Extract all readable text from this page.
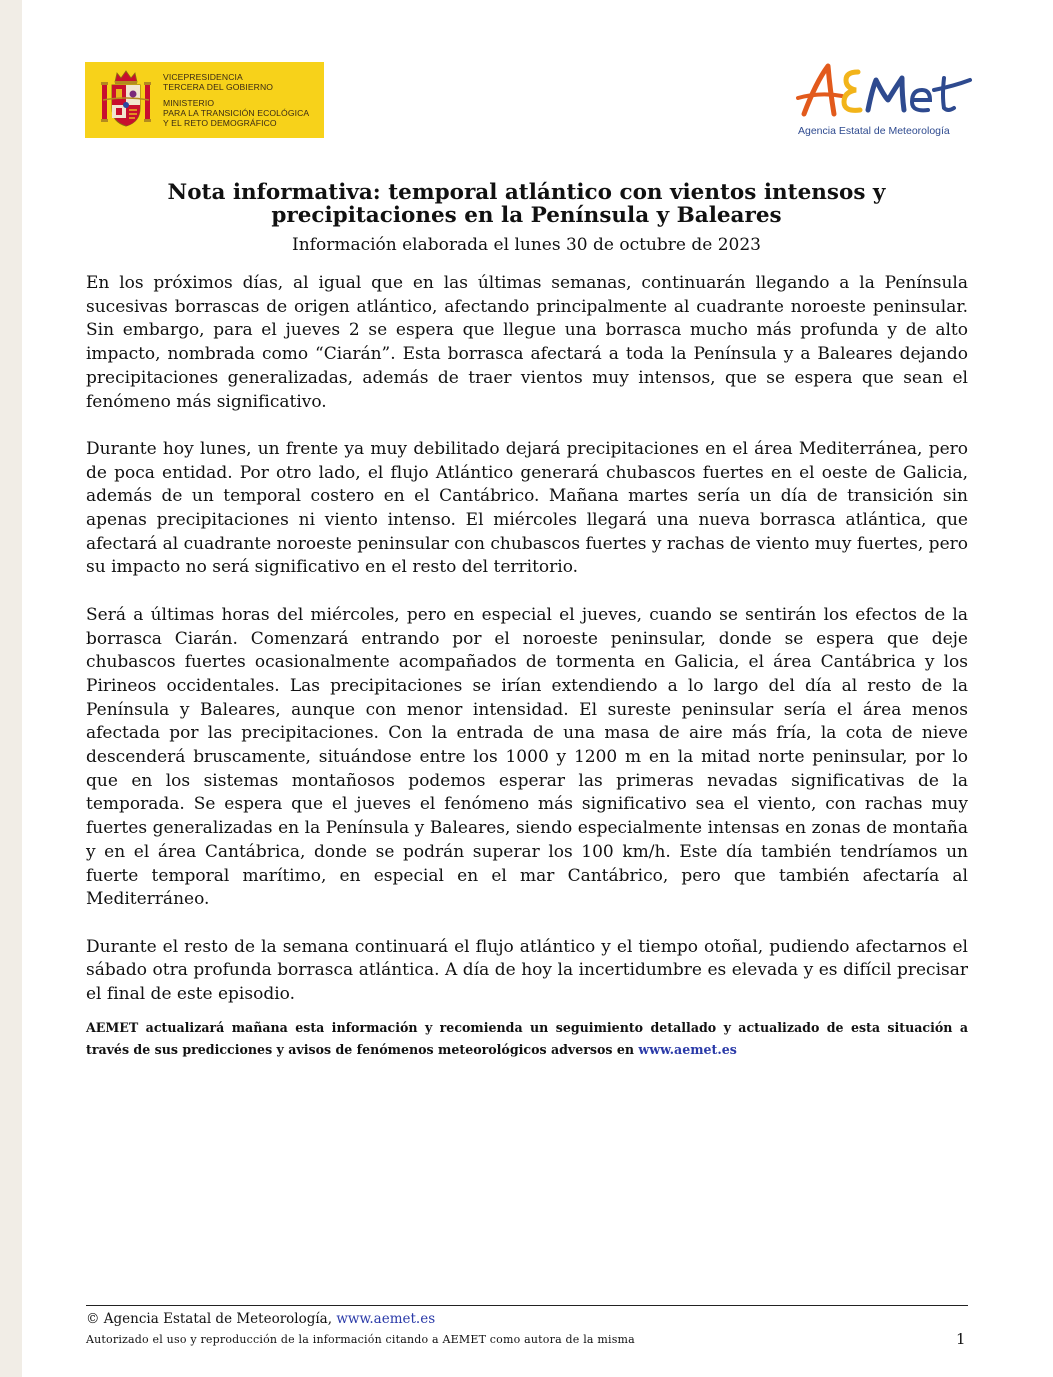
VICEPRESIDENCIA
TERCERA DEL GOBIERNO
MINISTERIO
PARA LA TRANSICIÓN ECOLÓGICA
Y EL RETO DEMOGRÁFICO
Agencia Estatal de Meteorología
Nota informativa: temporal atlántico con vientos intensos y
precipitaciones en la Península y Baleares
Información elaborada el lunes 30 de octubre de 2023

En los próximos días, al igual que en las últimas semanas, continuarán llegando a la Península sucesivas borrascas de origen atlántico, afectando principalmente al cuadrante noroeste peninsular. Sin embargo, para el jueves 2 se espera que llegue una borrasca mucho más profunda y de alto impacto, nombrada como “Ciarán”. Esta borrasca afectará a toda la Península y a Baleares dejando precipitaciones generalizadas, además de traer vientos muy intensos, que se espera que sean el fenómeno más significativo.

Durante hoy lunes, un frente ya muy debilitado dejará precipitaciones en el área Mediterránea, pero de poca entidad. Por otro lado, el flujo Atlántico generará chubascos fuertes en el oeste de Galicia, además de un temporal costero en el Cantábrico. Mañana martes sería un día de transición sin apenas precipitaciones ni viento intenso. El miércoles llegará una nueva borrasca atlántica, que afectará al cuadrante noroeste peninsular con chubascos fuertes y rachas de viento muy fuertes, pero su impacto no será significativo en el resto del territorio.

Será a últimas horas del miércoles, pero en especial el jueves, cuando se sentirán los efectos de la borrasca Ciarán. Comenzará entrando por el noroeste peninsular, donde se espera que deje chubascos fuertes ocasionalmente acompañados de tormenta en Galicia, el área Cantábrica y los Pirineos occidentales. Las precipitaciones se irían extendiendo a lo largo del día al resto de la Península y Baleares, aunque con menor intensidad. El sureste peninsular sería el área menos afectada por las precipitaciones. Con la entrada de una masa de aire más fría, la cota de nieve descenderá bruscamente, situándose entre los 1000 y 1200 m en la mitad norte peninsular, por lo que en los sistemas montañosos podemos esperar las primeras nevadas significativas de la temporada. Se espera que el jueves el fenómeno más significativo sea el viento, con rachas muy fuertes generalizadas en la Península y Baleares, siendo especialmente intensas en zonas de montaña y en el área Cantábrica, donde se podrán superar los 100 km/h. Este día también tendríamos un fuerte temporal marítimo, en especial en el mar Cantábrico, pero que también afectaría al Mediterráneo.

Durante el resto de la semana continuará el flujo atlántico y el tiempo otoñal, pudiendo afectarnos el sábado otra profunda borrasca atlántica. A día de hoy la incertidumbre es elevada y es difícil precisar el final de este episodio.

AEMET actualizará mañana esta información y recomienda un seguimiento detallado y actualizado de esta situación a través de sus predicciones y avisos de fenómenos meteorológicos adversos en www.aemet.es
© Agencia Estatal de Meteorología, www.aemet.es
Autorizado el uso y reproducción de la información citando a AEMET como autora de la misma	1
